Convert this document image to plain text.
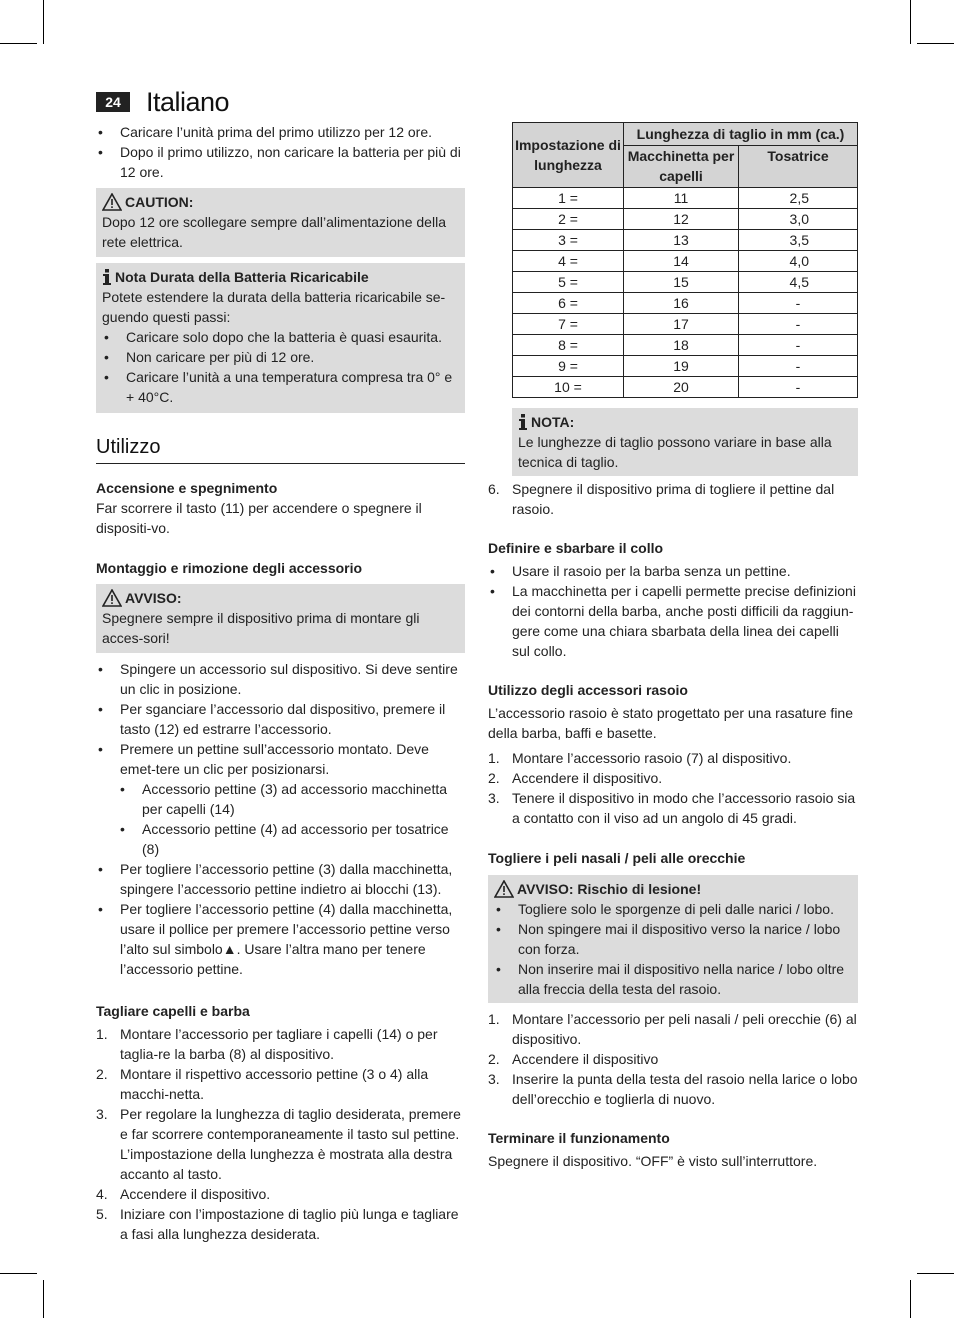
24 Italiano
• Caricare l’unità prima del primo utilizzo per 12 ore.
• Dopo il primo utilizzo, non caricare la batteria per più di 12 ore.
CAUTION:

Dopo 12 ore scollegare sempre dall’alimentazione della rete elettrica.

Nota Durata della Batteria Ricaricabile

Potete estendere la durata della batteria ricaricabile se-guendo questi passi:

• Caricare solo dopo che la batteria è quasi esaurita.
• Non caricare per più di 12 ore.
• Caricare l’unità a una temperatura compresa tra 0° e + 40°C.
Utilizzo
Accensione e spegnimento

Far scorrere il tasto (11) per accendere o spegnere il dispositi-vo.

Montaggio e rimozione degli accessorio
AVVISO:

Spegnere sempre il dispositivo prima di montare gli acces-sori!

• Spingere un accessorio sul dispositivo. Si deve sentire un clic in posizione.
• Per sganciare l’accessorio dal dispositivo, premere il tasto (12) ed estrarre l’accessorio.
• Premere un pettine sull’accessorio montato. Deve emet-tere un clic per posizionarsi.
• Accessorio pettine (3) ad accessorio macchinetta per capelli (14)
• Accessorio pettine (4) ad accessorio per tosatrice (8)
• Per togliere l’accessorio pettine (3) dalla macchinetta, spingere l’accessorio pettine indietro ai blocchi (13).
• Per togliere l’accessorio pettine (4) dalla macchinetta, usare il pollice per premere l’accessorio pettine verso l’alto sul simbolo▲. Usare l’altra mano per tenere l’accessorio pettine.
Tagliare capelli e barba
1. Montare l’accessorio per tagliare i capelli (14) o per taglia-re la barba (8) al dispositivo.
2. Montare il rispettivo accessorio pettine (3 o 4) alla macchi-netta.
3. Per regolare la lunghezza di taglio desiderata, premere e far scorrere contemporaneamente il tasto sul pettine. L’impostazione della lunghezza è mostrata alla destra accanto al tasto.
4. Accendere il dispositivo.
5. Iniziare con l’impostazione di taglio più lunga e tagliare a fasi alla lunghezza desiderata.
Impostazione di lunghezza	Lunghezza di taglio in mm (ca.)	
	Macchinetta per capelli	Tosatrice
1 =	11	2,5
2 =	12	3,0
3 =	13	3,5
4 =	14	4,0
5 =	15	4,5
6 =	16	-
7 =	17	-
8 =	18	-
9 =	19	-
10 =	20	-
NOTA:

Le lunghezze di taglio possono variare in base alla tecnica di taglio.

6. Spegnere il dispositivo prima di togliere il pettine dal rasoio.
Definire e sbarbare il collo
• Usare il rasoio per la barba senza un pettine.
• La macchinetta per i capelli permette precise definizioni dei contorni della barba, anche posti difficili da raggiun-gere come una chiara sbarbata della linea dei capelli sul collo.
Utilizzo degli accessori rasoio

L’accessorio rasoio è stato progettato per una rasature fine della barba, baffi e basette.

1. Montare l’accessorio rasoio (7) al dispositivo.
2. Accendere il dispositivo.
3. Tenere il dispositivo in modo che l’accessorio rasoio sia a contatto con il viso ad un angolo di 45 gradi.
Togliere i peli nasali / peli alle orecchie
AVVISO: Rischio di lesione!
• Togliere solo le sporgenze di peli dalle narici / lobo.
• Non spingere mai il dispositivo verso la narice / lobo con forza.
• Non inserire mai il dispositivo nella narice / lobo oltre alla freccia della testa del rasoio.
1. Montare l’accessorio per peli nasali / peli orecchie (6) al dispositivo.
2. Accendere il dispositivo
3. Inserire la punta della testa del rasoio nella larice o lobo dell’orecchio e toglierla di nuovo.
Terminare il funzionamento

Spegnere il dispositivo. “OFF” è visto sull’interruttore.
